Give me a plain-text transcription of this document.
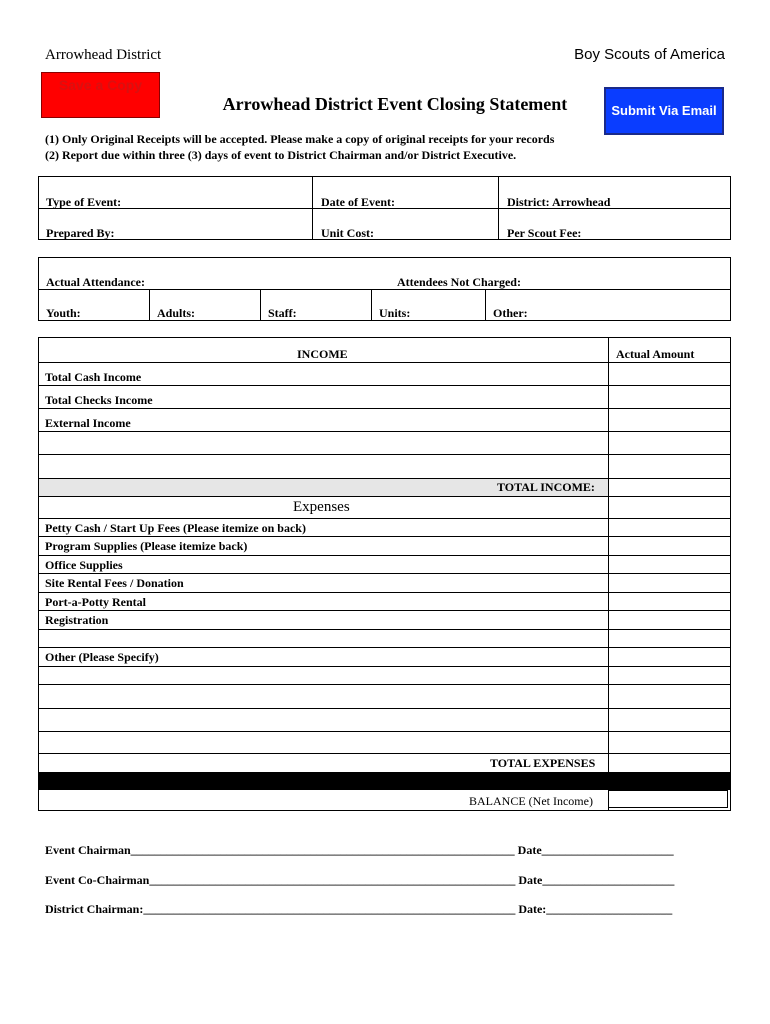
Arrowhead District	Boy Scouts of America
Save a Copy
Arrowhead District Event Closing Statement	Submit Via Email
(1) Only Original Receipts will be accepted. Please make a copy of original receipts for your records
(2) Report due within three (3) days of event to District Chairman and/or District Executive.
Type of Event:	Date of Event:	District: Arrowhead
Prepared By:	Unit Cost:	Per Scout Fee:
Actual Attendance:	Attendees Not Charged:
Youth:	Adults:	Staff:	Units:	Other:
INCOME	Actual Amount
Total Cash Income
Total Checks Income
External Income
TOTAL INCOME:
Expenses
Petty Cash / Start Up Fees (Please itemize on back)
Program Supplies (Please itemize back)
Office Supplies
Site Rental Fees / Donation
Port-a-Potty Rental
Registration
Other (Please Specify)
TOTAL EXPENSES
BALANCE (Net Income)
Event Chairman________________________________________________________________ Date______________________
Event Co-Chairman_____________________________________________________________ Date______________________
District Chairman:______________________________________________________________ Date:_____________________
